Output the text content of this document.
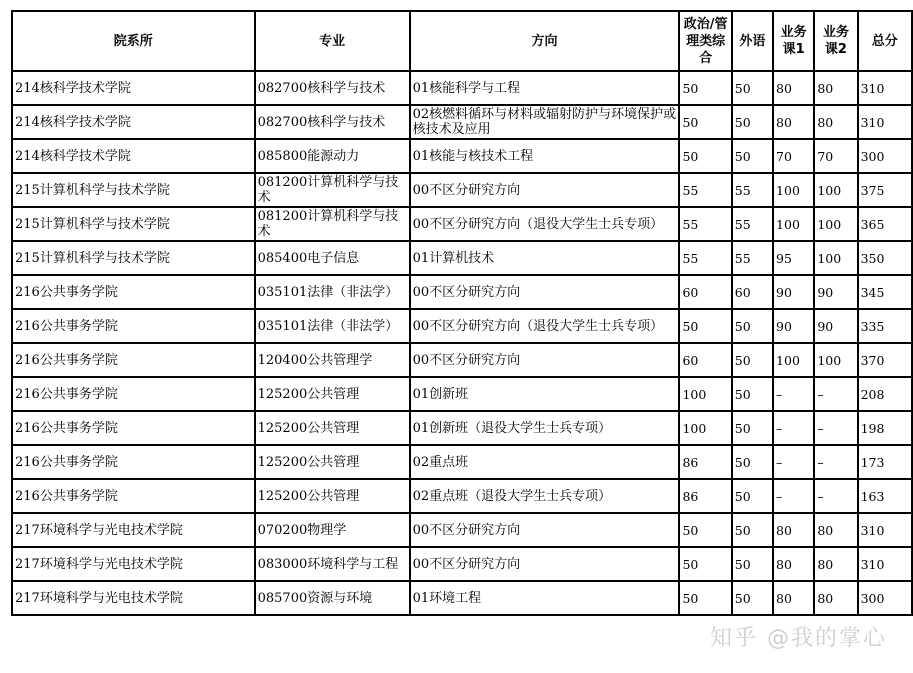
院系所	专业	方向	政治/管理类综合	外语	业务课1	业务课2	总分
214核科学技术学院	082700核科学与技术	01核能科学与工程	50	50	80	80	310
214核科学技术学院	082700核科学与技术	02核燃料循环与材料或辐射防护与环境保护或核技术及应用	50	50	80	80	310
214核科学技术学院	085800能源动力	01核能与核技术工程	50	50	70	70	300
215计算机科学与技术学院	081200计算机科学与技术	00不区分研究方向	55	55	100	100	375
215计算机科学与技术学院	081200计算机科学与技术	00不区分研究方向（退役大学生士兵专项）	55	55	100	100	365
215计算机科学与技术学院	085400电子信息	01计算机技术	55	55	95	100	350
216公共事务学院	035101法律（非法学）	00不区分研究方向	60	60	90	90	345
216公共事务学院	035101法律（非法学）	00不区分研究方向（退役大学生士兵专项）	50	50	90	90	335
216公共事务学院	120400公共管理学	00不区分研究方向	60	50	100	100	370
216公共事务学院	125200公共管理	01创新班	100	50	–	–	208
216公共事务学院	125200公共管理	01创新班（退役大学生士兵专项）	100	50	–	–	198
216公共事务学院	125200公共管理	02重点班	86	50	–	–	173
216公共事务学院	125200公共管理	02重点班（退役大学生士兵专项）	86	50	–	–	163
217环境科学与光电技术学院	070200物理学	00不区分研究方向	50	50	80	80	310
217环境科学与光电技术学院	083000环境科学与工程	00不区分研究方向	50	50	80	80	310
217环境科学与光电技术学院	085700资源与环境	01环境工程	50	50	80	80	300
知乎 @我的掌心
